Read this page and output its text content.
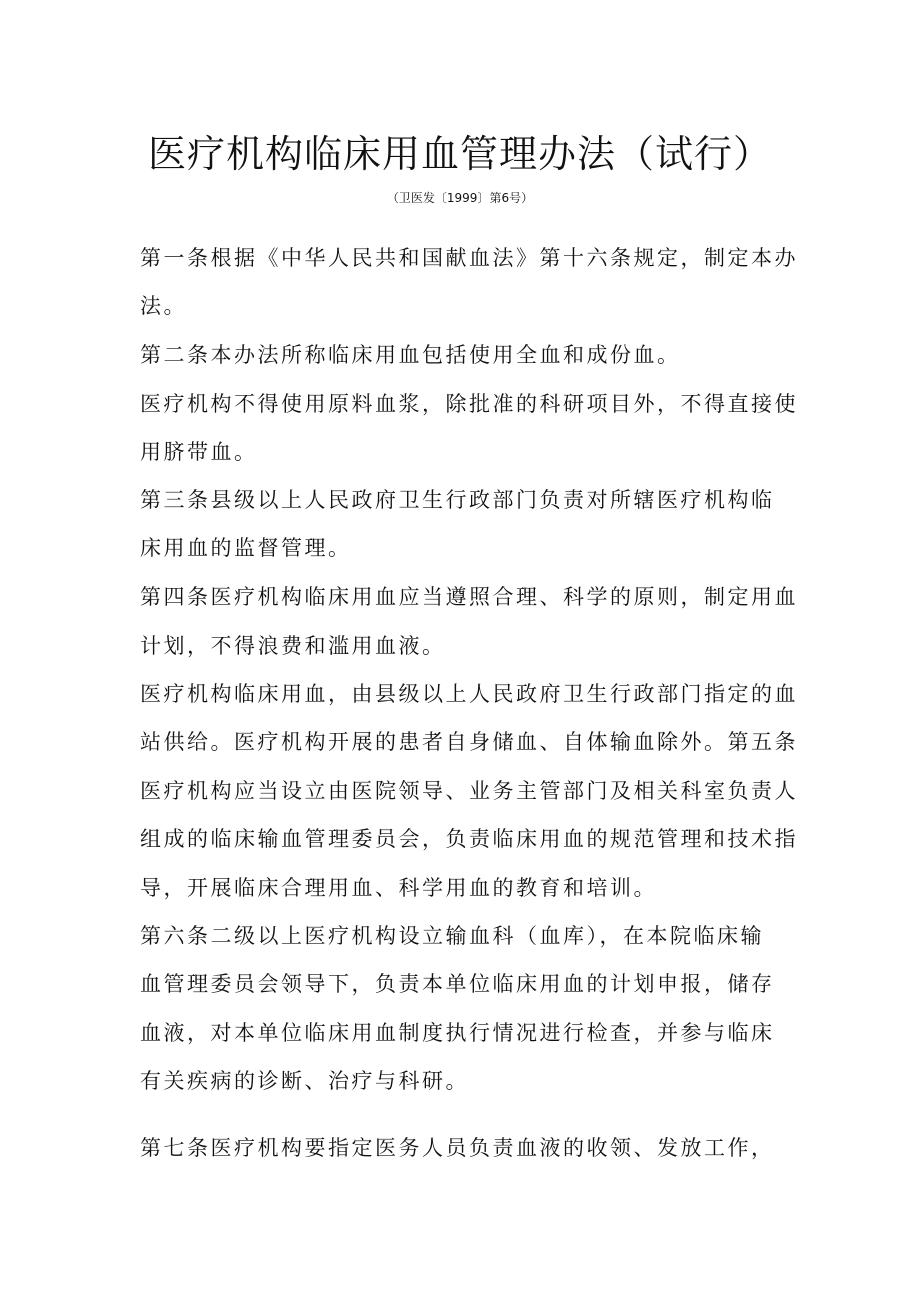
医疗机构临床用血管理办法（试行）

（卫医发〔1999〕第6号）

第一条根据《中华人民共和国献血法》第十六条规定，制定本办

法。

第二条本办法所称临床用血包括使用全血和成份血。

医疗机构不得使用原料血浆，除批准的科研项目外，不得直接使

用脐带血。

第三条县级以上人民政府卫生行政部门负责对所辖医疗机构临

床用血的监督管理。

第四条医疗机构临床用血应当遵照合理、科学的原则，制定用血

计划，不得浪费和滥用血液。

医疗机构临床用血，由县级以上人民政府卫生行政部门指定的血

站供给。医疗机构开展的患者自身储血、自体输血除外。第五条

医疗机构应当设立由医院领导、业务主管部门及相关科室负责人

组成的临床输血管理委员会，负责临床用血的规范管理和技术指

导，开展临床合理用血、科学用血的教育和培训。

第六条二级以上医疗机构设立输血科（血库），在本院临床输

血管理委员会领导下，负责本单位临床用血的计划申报，储存

血液，对本单位临床用血制度执行情况进行检查，并参与临床

有关疾病的诊断、治疗与科研。

第七条医疗机构要指定医务人员负责血液的收领、发放工作，
